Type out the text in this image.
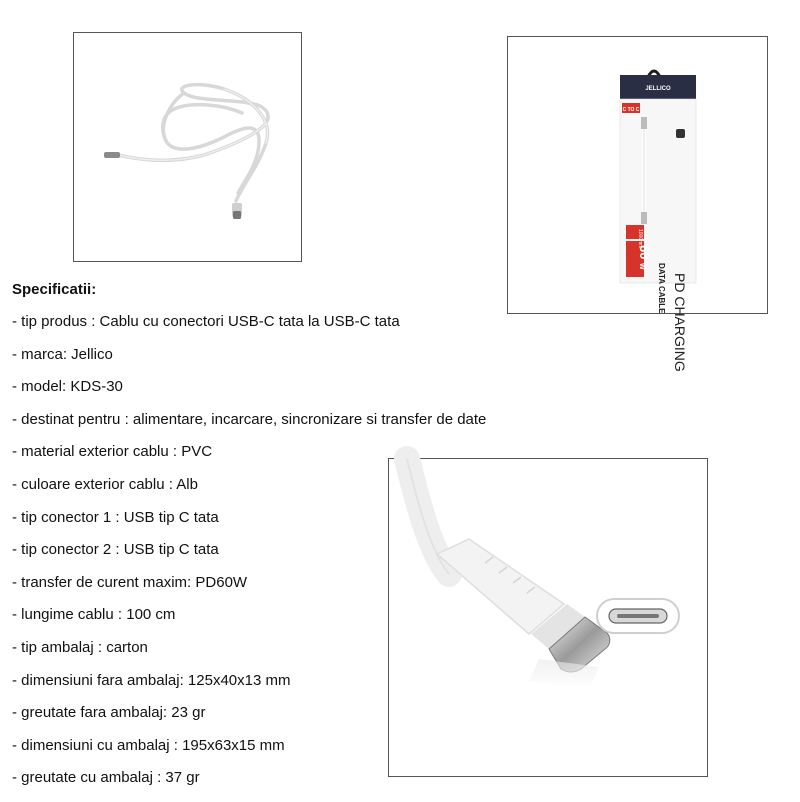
JELLICO
C TO C
PD CHARGING
DATA CABLE
1000mm
60
W
Specificatii:
- tip produs : Cablu cu conectori USB-C tata la USB-C tata
- marca: Jellico
- model: KDS-30
- destinat pentru : alimentare, incarcare, sincronizare si transfer de date
- material exterior cablu : PVC
- culoare exterior cablu : Alb
- tip conector 1 : USB tip C tata
- tip conector 2 : USB tip C tata
- transfer de curent maxim: PD60W
- lungime cablu : 100 cm
- tip ambalaj : carton
- dimensiuni fara ambalaj: 125x40x13 mm
- greutate fara ambalaj: 23 gr
- dimensiuni cu ambalaj : 195x63x15 mm
- greutate cu ambalaj : 37 gr
